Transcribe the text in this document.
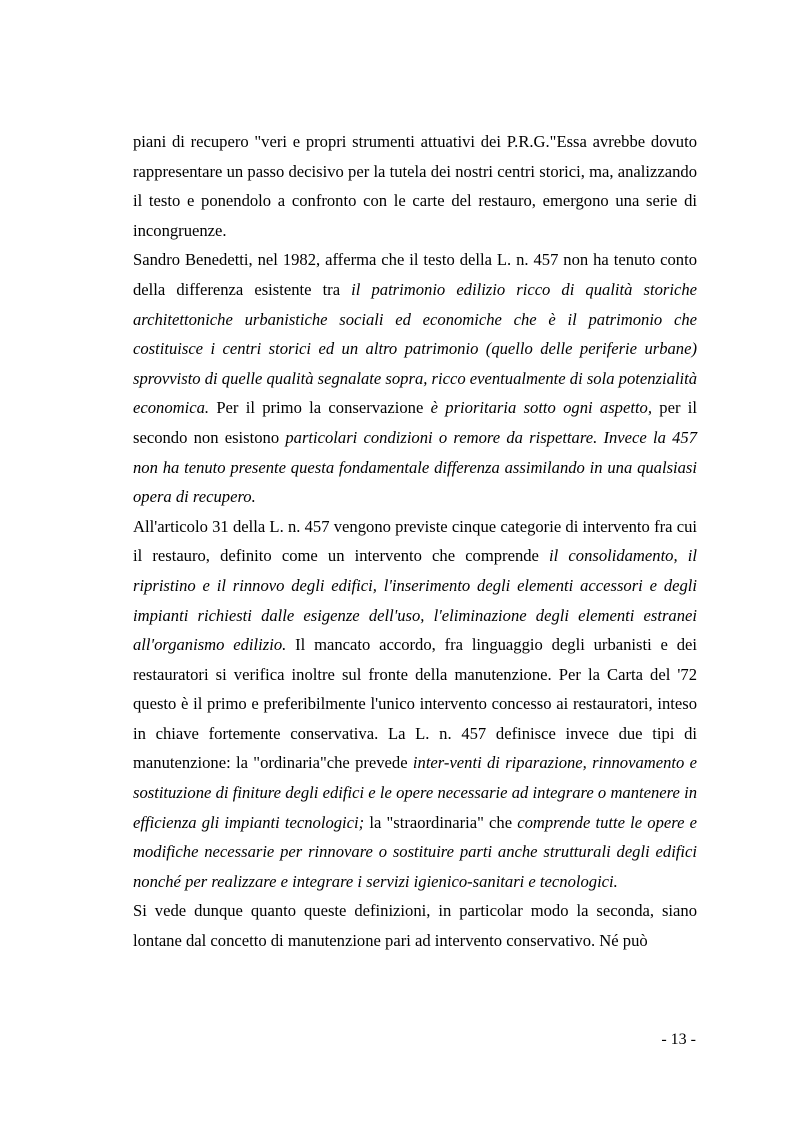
piani di recupero "veri e propri strumenti attuativi dei P.R.G."Essa avrebbe dovuto rappresentare un passo decisivo per la tutela dei nostri centri storici, ma, analizzando il testo e ponendolo a confronto con le carte del restauro, emergono una serie di incongruenze.

Sandro Benedetti, nel 1982, afferma che il testo della L. n. 457 non ha tenuto conto della differenza esistente tra il patrimonio edilizio ricco di qualità storiche architettoniche urbanistiche sociali ed economiche che è il patrimonio che costituisce i centri storici ed un altro patrimonio (quello delle periferie urbane) sprovvisto di quelle qualità segnalate sopra, ricco eventualmente di sola potenzialità economica. Per il primo la conservazione è prioritaria sotto ogni aspetto, per il secondo non esistono particolari condizioni o remore da rispettare. Invece la 457 non ha tenuto presente questa fondamentale differenza assimilando in una qualsiasi opera di recupero.

All'articolo 31 della L. n. 457 vengono previste cinque categorie di intervento fra cui il restauro, definito come un intervento che comprende il consolidamento, il ripristino e il rinnovo degli edifici, l'inserimento degli elementi accessori e degli impianti richiesti dalle esigenze dell'uso, l'eliminazione degli elementi estranei all'organismo edilizio. Il mancato accordo, fra linguaggio degli urbanisti e dei restauratori si verifica inoltre sul fronte della manutenzione. Per la Carta del '72 questo è il primo e preferibilmente l'unico intervento concesso ai restauratori, inteso in chiave fortemente conservativa. La L. n. 457 definisce invece due tipi di manutenzione: la "ordinaria"che prevede inter-venti di riparazione, rinnovamento e sostituzione di finiture degli edifici e le opere necessarie ad integrare o mantenere in efficienza gli impianti tecnologici; la "straordinaria" che comprende tutte le opere e modifiche necessarie per rinnovare o sostituire parti anche strutturali degli edifici nonché per realizzare e integrare i servizi igienico-sanitari e tecnologici.

Si vede dunque quanto queste definizioni, in particolar modo la seconda, siano lontane dal concetto di manutenzione pari ad intervento conservativo. Né può

- 13 -
